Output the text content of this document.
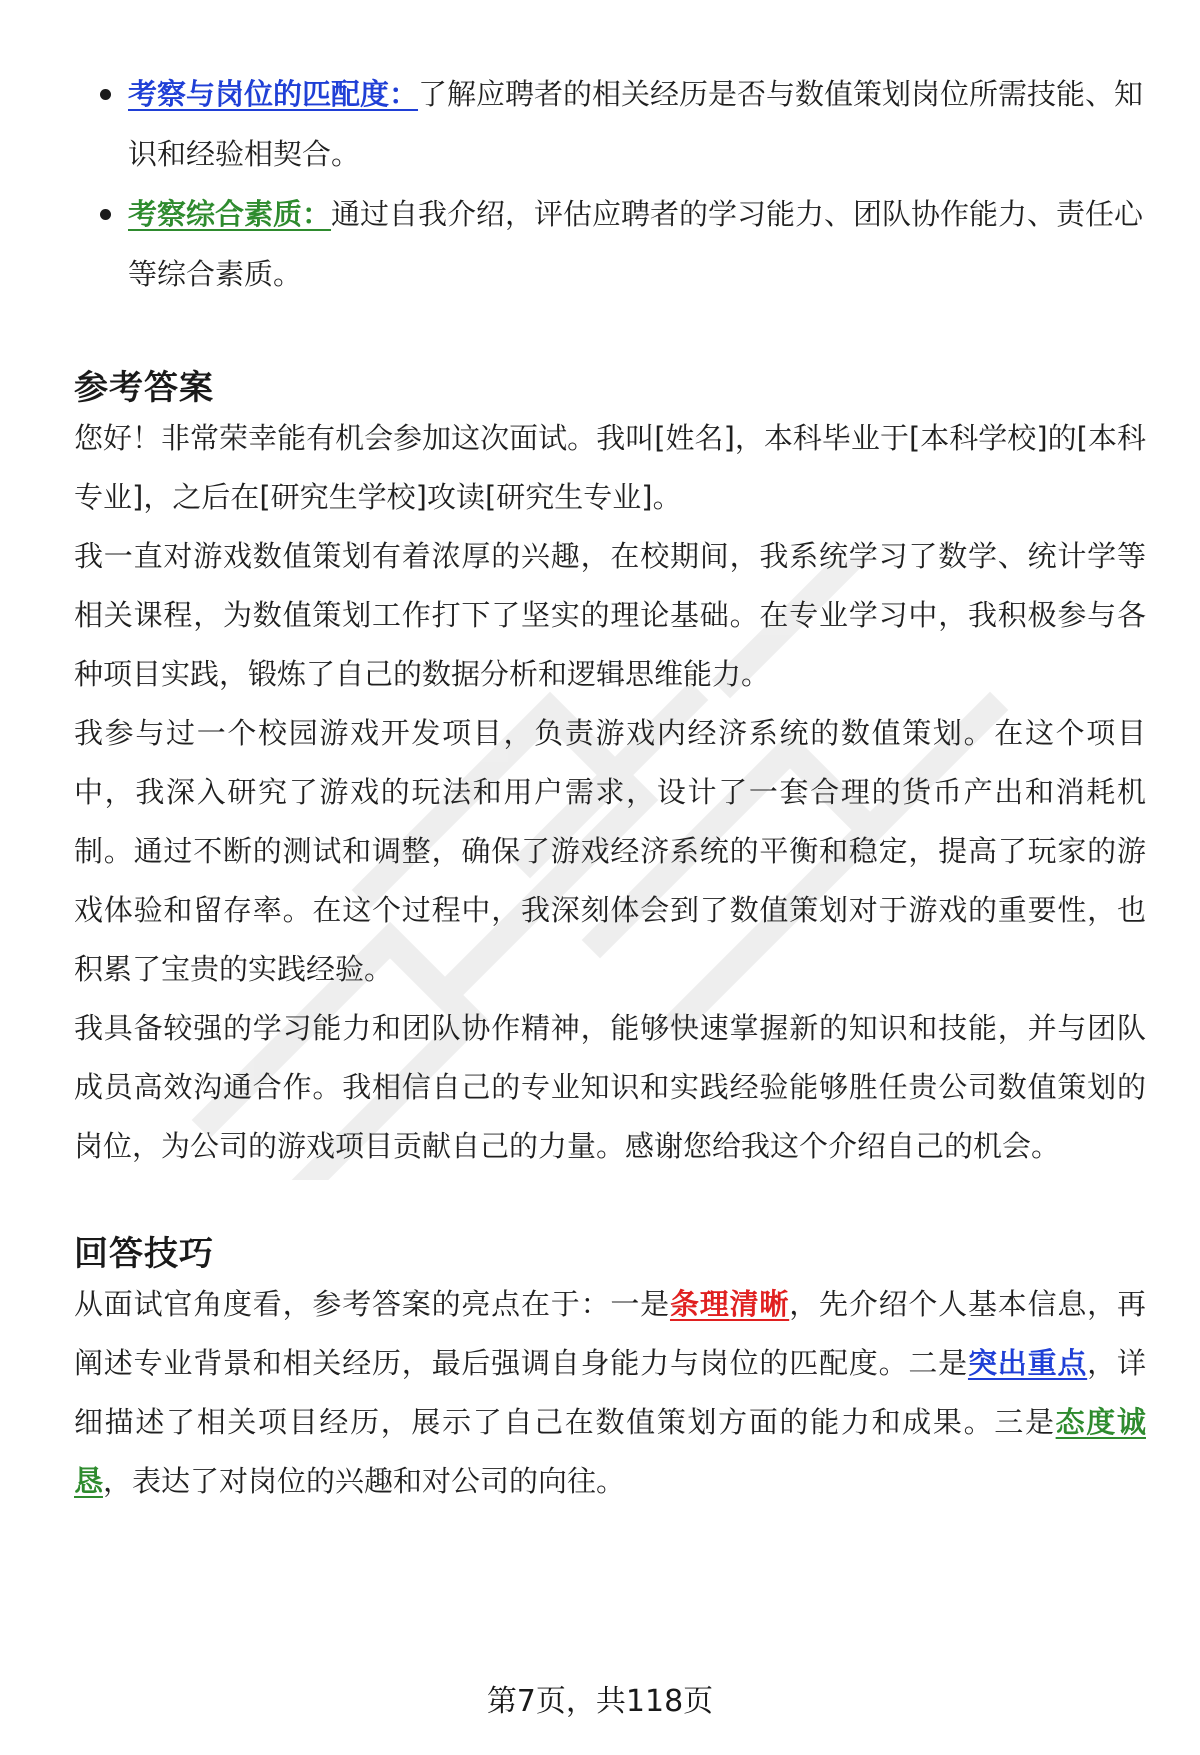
考察与岗位的匹配度：了解应聘者的相关经历是否与数值策划岗位所需技能、知识和经验相契合。
考察综合素质：通过自我介绍，评估应聘者的学习能力、团队协作能力、责任心等综合素质。
参考答案

您好！非常荣幸能有机会参加这次面试。我叫[姓名]，本科毕业于[本科学校]的[本科专业]，之后在[研究生学校]攻读[研究生专业]。

我一直对游戏数值策划有着浓厚的兴趣，在校期间，我系统学习了数学、统计学等相关课程，为数值策划工作打下了坚实的理论基础。在专业学习中，我积极参与各种项目实践，锻炼了自己的数据分析和逻辑思维能力。

我参与过一个校园游戏开发项目，负责游戏内经济系统的数值策划。在这个项目中，我深入研究了游戏的玩法和用户需求，设计了一套合理的货币产出和消耗机制。通过不断的测试和调整，确保了游戏经济系统的平衡和稳定，提高了玩家的游戏体验和留存率。在这个过程中，我深刻体会到了数值策划对于游戏的重要性，也积累了宝贵的实践经验。

我具备较强的学习能力和团队协作精神，能够快速掌握新的知识和技能，并与团队成员高效沟通合作。我相信自己的专业知识和实践经验能够胜任贵公司数值策划的岗位，为公司的游戏项目贡献自己的力量。感谢您给我这个介绍自己的机会。

回答技巧

从面试官角度看，参考答案的亮点在于：一是条理清晰，先介绍个人基本信息，再阐述专业背景和相关经历，最后强调自身能力与岗位的匹配度。二是突出重点，详细描述了相关项目经历，展示了自己在数值策划方面的能力和成果。三是态度诚恳，表达了对岗位的兴趣和对公司的向往。

第7页，共118页
